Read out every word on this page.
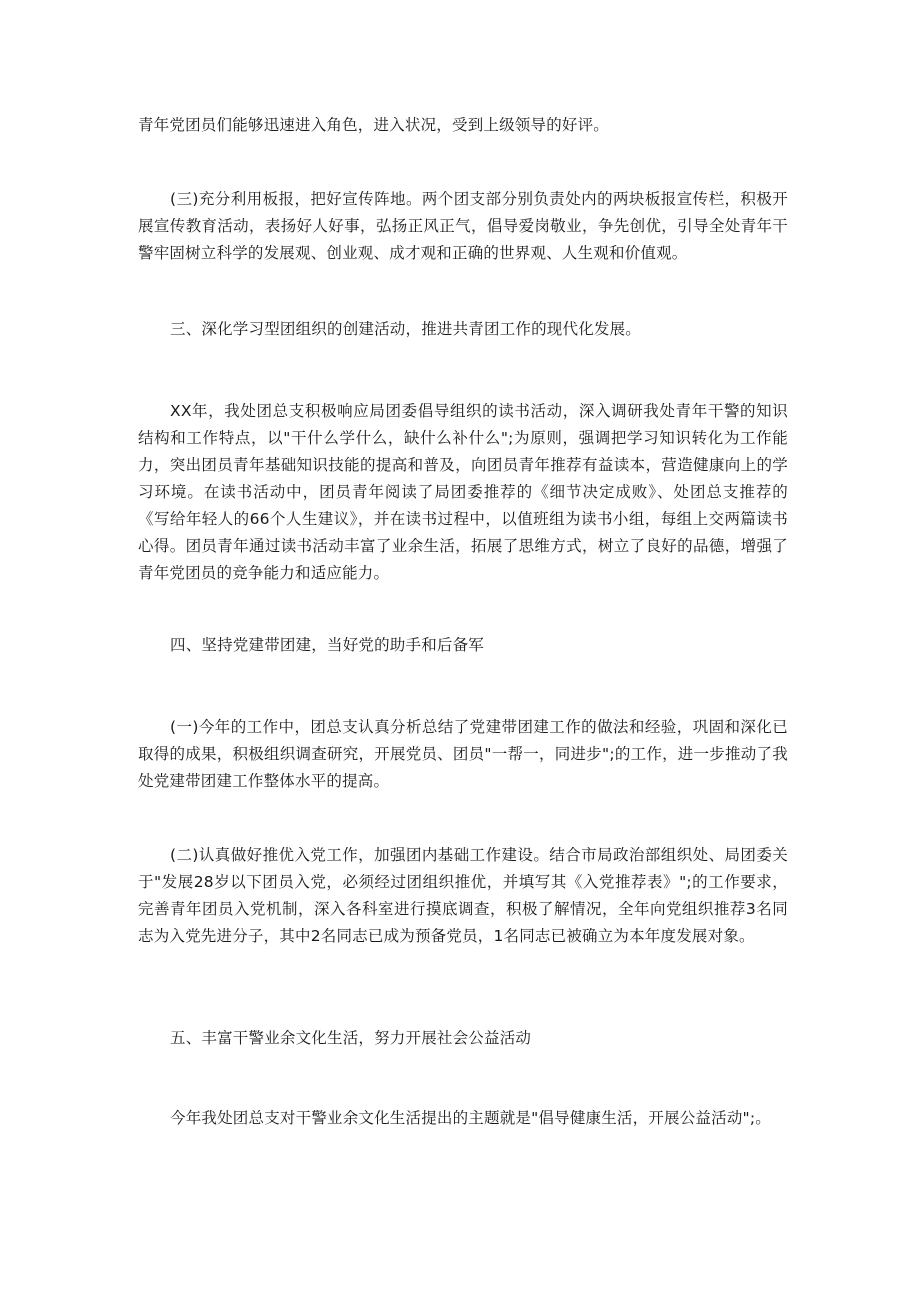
青年党团员们能够迅速进入角色，进入状况，受到上级领导的好评。

(三)充分利用板报，把好宣传阵地。两个团支部分别负责处内的两块板报宣传栏，积极开展宣传教育活动，表扬好人好事，弘扬正风正气，倡导爱岗敬业，争先创优，引导全处青年干警牢固树立科学的发展观、创业观、成才观和正确的世界观、人生观和价值观。

三、深化学习型团组织的创建活动，推进共青团工作的现代化发展。

XX年，我处团总支积极响应局团委倡导组织的读书活动，深入调研我处青年干警的知识结构和工作特点，以"干什么学什么，缺什么补什么";为原则，强调把学习知识转化为工作能力，突出团员青年基础知识技能的提高和普及，向团员青年推荐有益读本，营造健康向上的学习环境。在读书活动中，团员青年阅读了局团委推荐的《细节决定成败》、处团总支推荐的《写给年轻人的66个人生建议》，并在读书过程中，以值班组为读书小组，每组上交两篇读书心得。团员青年通过读书活动丰富了业余生活，拓展了思维方式，树立了良好的品德，增强了青年党团员的竞争能力和适应能力。

四、坚持党建带团建，当好党的助手和后备军

(一)今年的工作中，团总支认真分析总结了党建带团建工作的做法和经验，巩固和深化已取得的成果，积极组织调查研究，开展党员、团员"一帮一，同进步";的工作，进一步推动了我处党建带团建工作整体水平的提高。

(二)认真做好推优入党工作，加强团内基础工作建设。结合市局政治部组织处、局团委关于"发展28岁以下团员入党，必须经过团组织推优，并填写其《入党推荐表》";的工作要求，完善青年团员入党机制，深入各科室进行摸底调查，积极了解情况，全年向党组织推荐3名同志为入党先进分子，其中2名同志已成为预备党员，1名同志已被确立为本年度发展对象。

五、丰富干警业余文化生活，努力开展社会公益活动

今年我处团总支对干警业余文化生活提出的主题就是"倡导健康生活，开展公益活动";。
